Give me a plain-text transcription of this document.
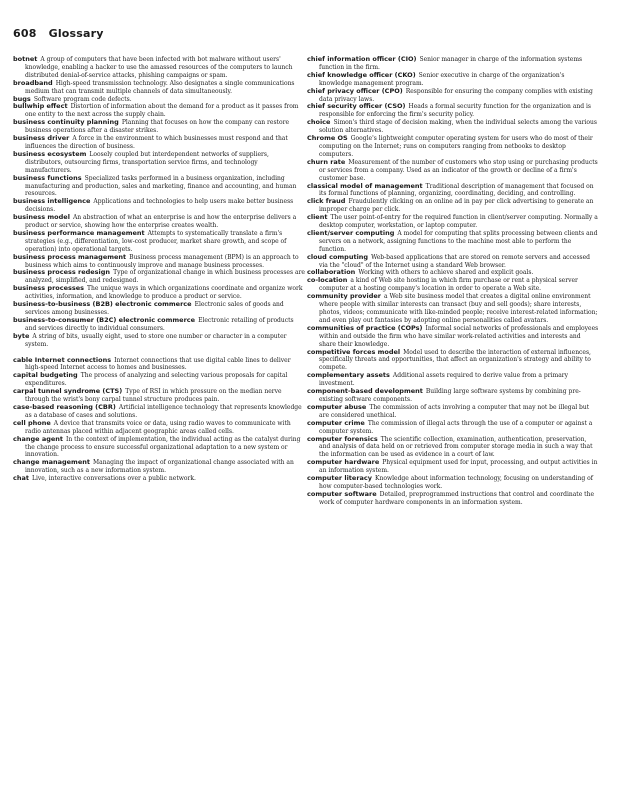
608 Glossary

botnet A group of computers that have been infected with bot malware without users' knowledge, enabling a hacker to use the amassed resources of the computers to launch distributed denial-of-service attacks, phishing campaigns or spam.

broadband High-speed transmission technology. Also designates a single communications medium that can transmit multiple channels of data simultaneously.

bugs Software program code defects.

bullwhip effect Distortion of information about the demand for a product as it passes from one entity to the next across the supply chain.

business continuity planning Planning that focuses on how the company can restore business operations after a disaster strikes.

business driver A force in the environment to which businesses must respond and that influences the direction of business.

business ecosystem Loosely coupled but interdependent networks of suppliers, distributors, outsourcing firms, transportation service firms, and technology manufacturers.

business functions Specialized tasks performed in a business organization, including manufacturing and production, sales and marketing, finance and accounting, and human resources.

business intelligence Applications and technologies to help users make better business decisions.

business model An abstraction of what an enterprise is and how the enterprise delivers a product or service, showing how the enterprise creates wealth.

business performance management Attempts to systematically translate a firm's strategies (e.g., differentiation, low-cost producer, market share growth, and scope of operation) into operational targets.

business process management Business process management (BPM) is an approach to business which aims to continuously improve and manage business processes.

business process redesign Type of organizational change in which business processes are analyzed, simplified, and redesigned.

business processes The unique ways in which organizations coordinate and organize work activities, information, and knowledge to produce a product or service.

business-to-business (B2B) electronic commerce Electronic sales of goods and services among businesses.

business-to-consumer (B2C) electronic commerce Electronic retailing of products and services directly to individual consumers.

byte A string of bits, usually eight, used to store one number or character in a computer system.

cable Internet connections Internet connections that use digital cable lines to deliver high-speed Internet access to homes and businesses.

capital budgeting The process of analyzing and selecting various proposals for capital expenditures.

carpal tunnel syndrome (CTS) Type of RSI in which pressure on the median nerve through the wrist's bony carpal tunnel structure produces pain.

case-based reasoning (CBR) Artificial intelligence technology that represents knowledge as a database of cases and solutions.

cell phone A device that transmits voice or data, using radio waves to communicate with radio antennas placed within adjacent geographic areas called cells.

change agent In the context of implementation, the individual acting as the catalyst during the change process to ensure successful organizational adaptation to a new system or innovation.

change management Managing the impact of organizational change associated with an innovation, such as a new information system.

chat Live, interactive conversations over a public network.

chief information officer (CIO) Senior manager in charge of the information systems function in the firm.

chief knowledge officer (CKO) Senior executive in charge of the organization's knowledge management program.

chief privacy officer (CPO) Responsible for ensuring the company complies with existing data privacy laws.

chief security officer (CSO) Heads a formal security function for the organization and is responsible for enforcing the firm's security policy.

choice Simon's third stage of decision making, when the individual selects among the various solution alternatives.

Chrome OS Google's lightweight computer operating system for users who do most of their computing on the Internet; runs on computers ranging from netbooks to desktop computers.

churn rate Measurement of the number of customers who stop using or purchasing products or services from a company. Used as an indicator of the growth or decline of a firm's customer base.

classical model of management Traditional description of management that focused on its formal functions of planning, organizing, coordinating, deciding, and controlling.

click fraud Fraudulently clicking on an online ad in pay per click advertising to generate an improper charge per click.

client The user point-of-entry for the required function in client/server computing. Normally a desktop computer, workstation, or laptop computer.

client/server computing A model for computing that splits processing between clients and servers on a network, assigning functions to the machine most able to perform the function.

cloud computing Web-based applications that are stored on remote servers and accessed via the "cloud" of the Internet using a standard Web browser.

collaboration Working with others to achieve shared and explicit goals.

co-location a kind of Web site hosting in which firm purchase or rent a physical server computer at a hosting company's location in order to operate a Web site.

community provider a Web site business model that creates a digital online environment where people with similar interests can transact (buy and sell goods); share interests, photos, videos; communicate with like-minded people; receive interest-related information; and even play out fantasies by adopting online personalities called avatars.

communities of practice (COPs) Informal social networks of professionals and employees within and outside the firm who have similar work-related activities and interests and share their knowledge.

competitive forces model Model used to describe the interaction of external influences, specifically threats and opportunities, that affect an organization's strategy and ability to compete.

complementary assets Additional assets required to derive value from a primary investment.

component-based development Building large software systems by combining pre-existing software components.

computer abuse The commission of acts involving a computer that may not be illegal but are considered unethical.

computer crime The commission of illegal acts through the use of a computer or against a computer system.

computer forensics The scientific collection, examination, authentication, preservation, and analysis of data held on or retrieved from computer storage media in such a way that the information can be used as evidence in a court of law.

computer hardware Physical equipment used for input, processing, and output activities in an information system.

computer literacy Knowledge about information technology, focusing on understanding of how computer-based technologies work.

computer software Detailed, preprogrammed instructions that control and coordinate the work of computer hardware components in an information system.
